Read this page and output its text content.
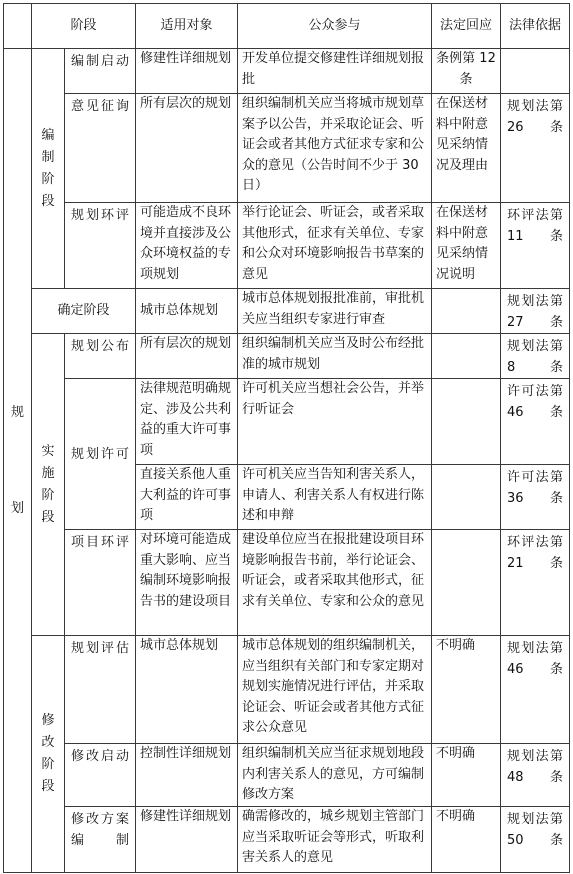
	阶段		适用对象	公众参与	法定回应	法律依据

规划	编制阶段	编制启动	修建性详细规划	开发单位提交修建性详细规划报批	条例第 12 条	
		意见征询	所有层次的规划	组织编制机关应当将城市规划草案予以公告，并采取论证会、听证会或者其他方式征求专家和公众的意见（公告时间不少于 30 日）	在保送材料中附意见采纳情况及理由	规划法第26条
		规划环评	可能造成不良环境并直接涉及公众环境权益的专项规划	举行论证会、听证会，或者采取其他形式，征求有关单位、专家和公众对环境影响报告书草案的意见	在保送材料中附意见采纳情况说明	环评法第11条
	确定阶段		城市总体规划	城市总体规划报批准前，审批机关应当组织专家进行审查		规划法第 27条

	实施阶段	规划公布	所有层次的规划	组织编制机关应当及时公布经批准的城市规划		规划法第 8 条
		规划许可	法律规范明确规定、涉及公共利益的重大许可事项	许可机关应当想社会公告，并举行听证会		许可法第 46 条
			直接关系他人重大利益的许可事项	许可机关应当告知利害关系人，申请人、利害关系人有权进行陈述和申辩		许可法第 36 条
		项目环评	对环境可能造成重大影响、应当编制环境影响报告书的建设项目	建设单位应当在报批建设项目环境影响报告书前，举行论证会、听证会，或者采取其他形式，征求有关单位、专家和公众的意见		环评法第 21 条

	修改阶段	规划评估	城市总体规划	城市总体规划的组织编制机关，应当组织有关部门和专家定期对规划实施情况进行评估，并采取论证会、听证会或者其他方式征求公众意见	不明确	规划法第 46条
		修改启动	控制性详细规划	组织编制机关应当征求规划地段内利害关系人的意见，方可编制修改方案	不明确	规划法第 48条
		修改方案编制	修建性详细规划	确需修改的，城乡规划主管部门应当采取听证会等形式，听取利害关系人的意见	不明确	规划法第 50条
